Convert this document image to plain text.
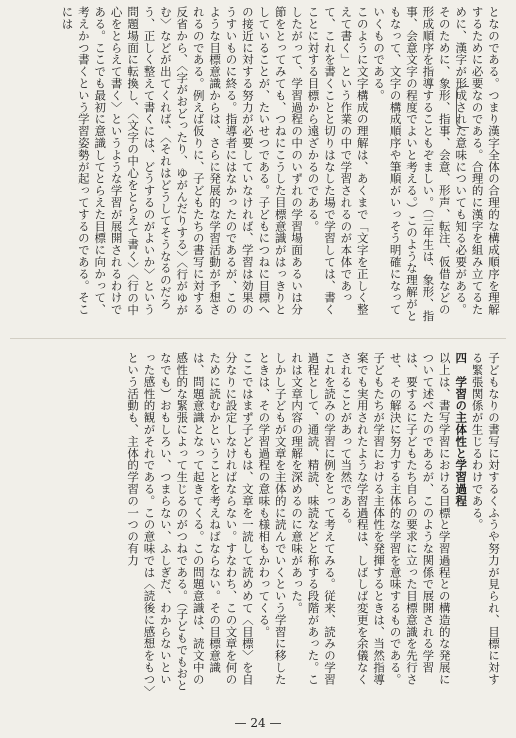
となのである。つまり漢字全体の合理的な構成順序を理解するために必要なのである。合理的に漢字を組み立てるために、漢字が形成された意味についても知る必要がある。そのために、象形、指事、会意、形声、転注、仮借などの形成順序を指導することもぞましい。（三年生は、象形、指事、会意文字の程度でよいと考える。）このような理解がともなって、文字の構成順序や筆順がいっそう明確になっていくものである。

このように文字構成の理解は、あくまで「文字を正しく整えて書く」という作業の中で学習されるのが本体であって、これを書くことと切りはなした場で学習しては、書くことに対する目標から遠ざかるのである。

したがって、学習過程の中のいずれの学習場面あるいは分節をとってみても、つねにこうした目標意識がはっきりとしていることが、たいせつである。子どもにつねに目標への接近に対する努力が必要していなければ、学習は効果のうすいものに終る。指導者にはなかったのであるが、このような目標意識からは、さらに発展的な学習活動が予想されるのである。例えば仮りに、子どもたちの書写に対する反省から、〈字がおどったり、ゆがんだりする〉〈行がゆがむ〉などが出てくれば、〈それはどうしてそうなるのだろう、正しく整えて書くには、どうするのがよいか〉という問題場面に転換し、〈文字の中心をとらえて書く〉〈行の中心をとらえて書く〉というような学習が展開されるわけである。ここでも最初に意識してとらえた目標に向かって、考えかつ書くという学習姿勢が起ってするのである。そこには

子どもなりの書写に対するくふうや努力が見られ、目標に対する緊張関係が生じるわけである。

四　学習の主体性と学習過程

以上は、書写学習における目標と学習過程との構造的な発展について述べたのであるが、このような関係で展開される学習は、要するに子どもたち自らの要求に立った目標意識を先行させ、その解決に努力する主体的な学習を意味するものである。

子どもたちが学習における主体性を発揮するときは、当然指導案でも実用されたような学習過程は、しばしば変更を余儀なくされることがあって当然である。

これを読みの学習に例をとって考えてみる。従来、読みの学習過程として、通読、精読、味読などと称する段階があった。これは文章内容の理解を深めるのに意味があった。

しかし子どもが文章を主体的に読んでいくという学習に移したときは、その学習過程の意味も様相もかわってくる。

ここではまず子どもは、文章を一読して読めめて〈目標〉を自分なりに設定しなければならない。すなわち、この文章を何のために読むかということを考えねばならない。その目標意識は、問題意識となって起きてくる。この問題意識は、読文中の感性的な緊張によって生じるのがつねである。（子どもでもおとなでも）おもしろい、つまらない、ふしぎだ、わからないといった感性的観がそれである。この意味では〈読後に感想をもつ〉という活動も、主体的学習の一つの有力

— 24 —
